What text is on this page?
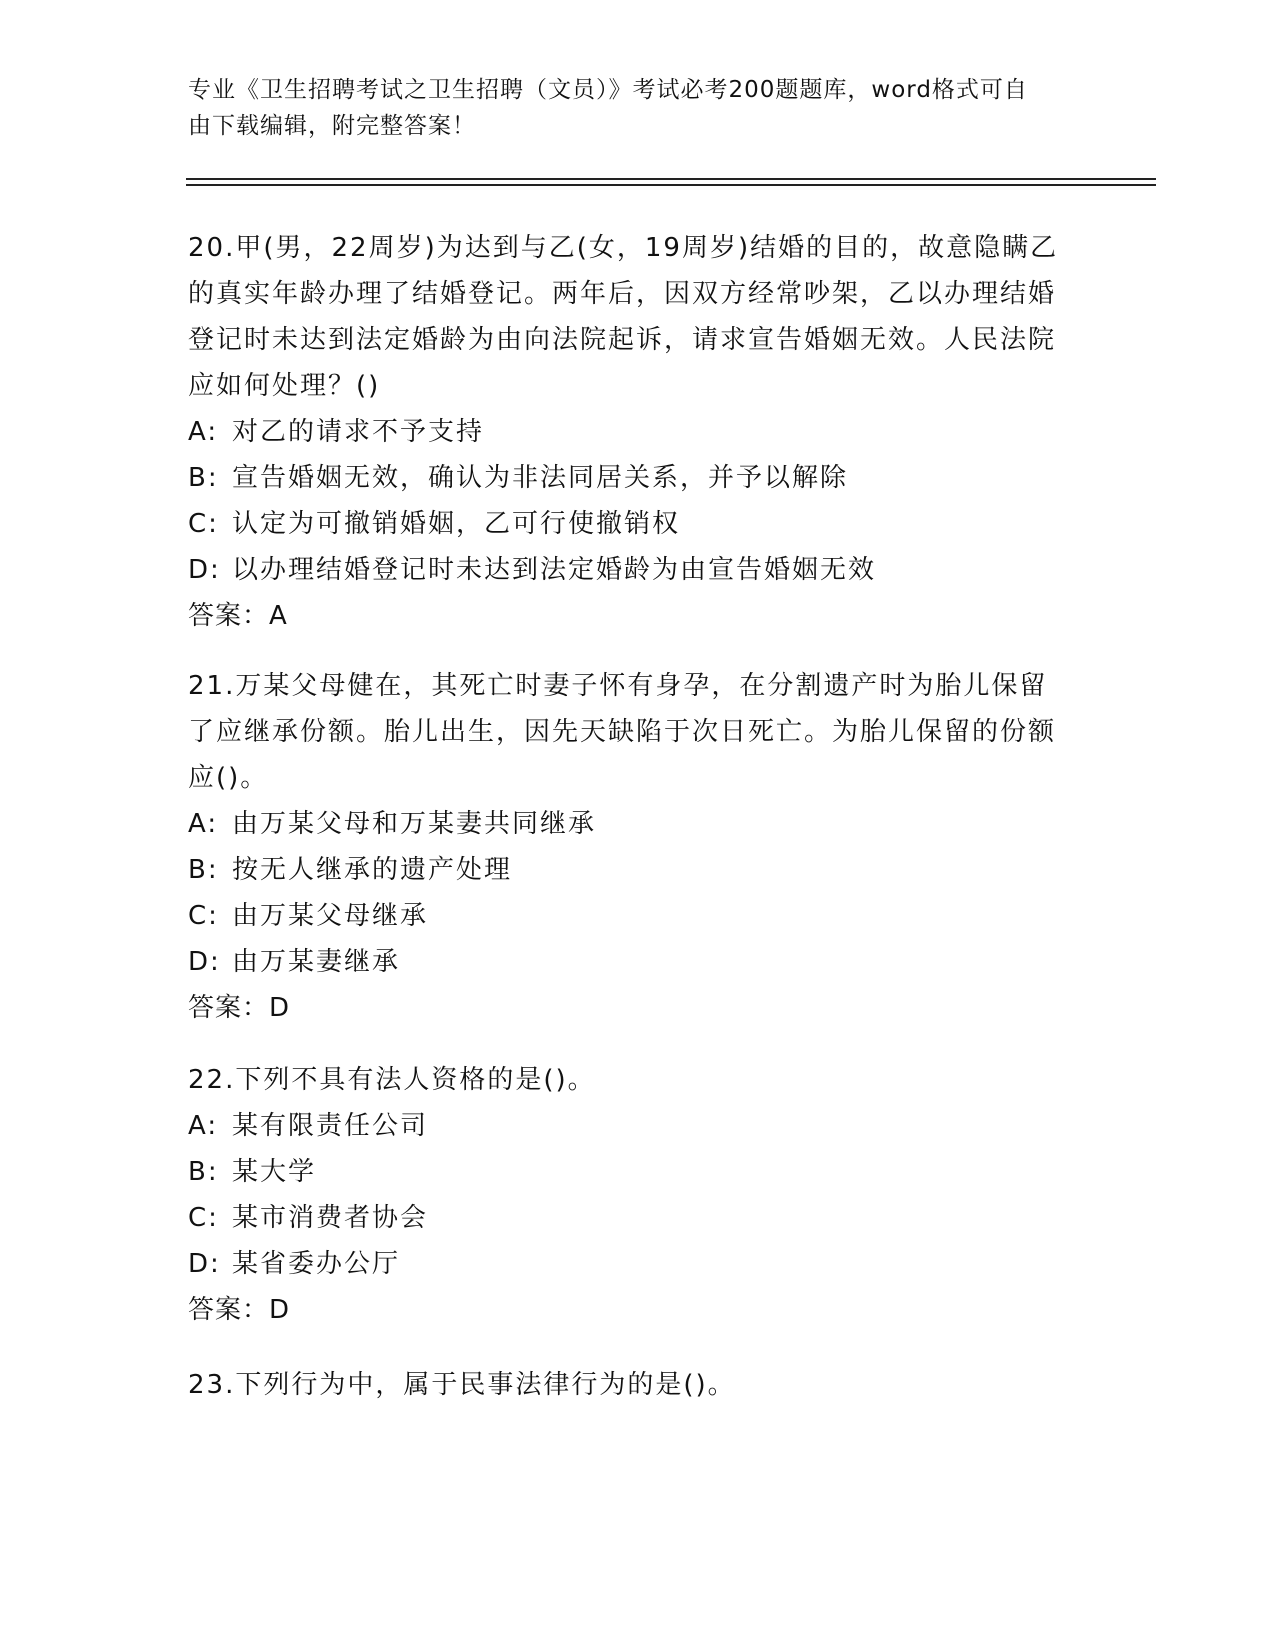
专业《卫生招聘考试之卫生招聘（文员）》考试必考200题题库，word格式可自
由下载编辑，附完整答案！

20.甲(男，22周岁)为达到与乙(女，19周岁)结婚的目的，故意隐瞒乙的真实年龄办理了结婚登记。两年后，因双方经常吵架，乙以办理结婚登记时未达到法定婚龄为由向法院起诉，请求宣告婚姻无效。人民法院应如何处理？()

A: 对乙的请求不予支持

B: 宣告婚姻无效，确认为非法同居关系，并予以解除

C: 认定为可撤销婚姻，乙可行使撤销权

D: 以办理结婚登记时未达到法定婚龄为由宣告婚姻无效

答案：A

21.万某父母健在，其死亡时妻子怀有身孕，在分割遗产时为胎儿保留了应继承份额。胎儿出生，因先天缺陷于次日死亡。为胎儿保留的份额应()。

A: 由万某父母和万某妻共同继承

B: 按无人继承的遗产处理

C: 由万某父母继承

D: 由万某妻继承

答案：D

22.下列不具有法人资格的是()。

A: 某有限责任公司

B: 某大学

C: 某市消费者协会

D: 某省委办公厅

答案：D

23.下列行为中，属于民事法律行为的是()。
